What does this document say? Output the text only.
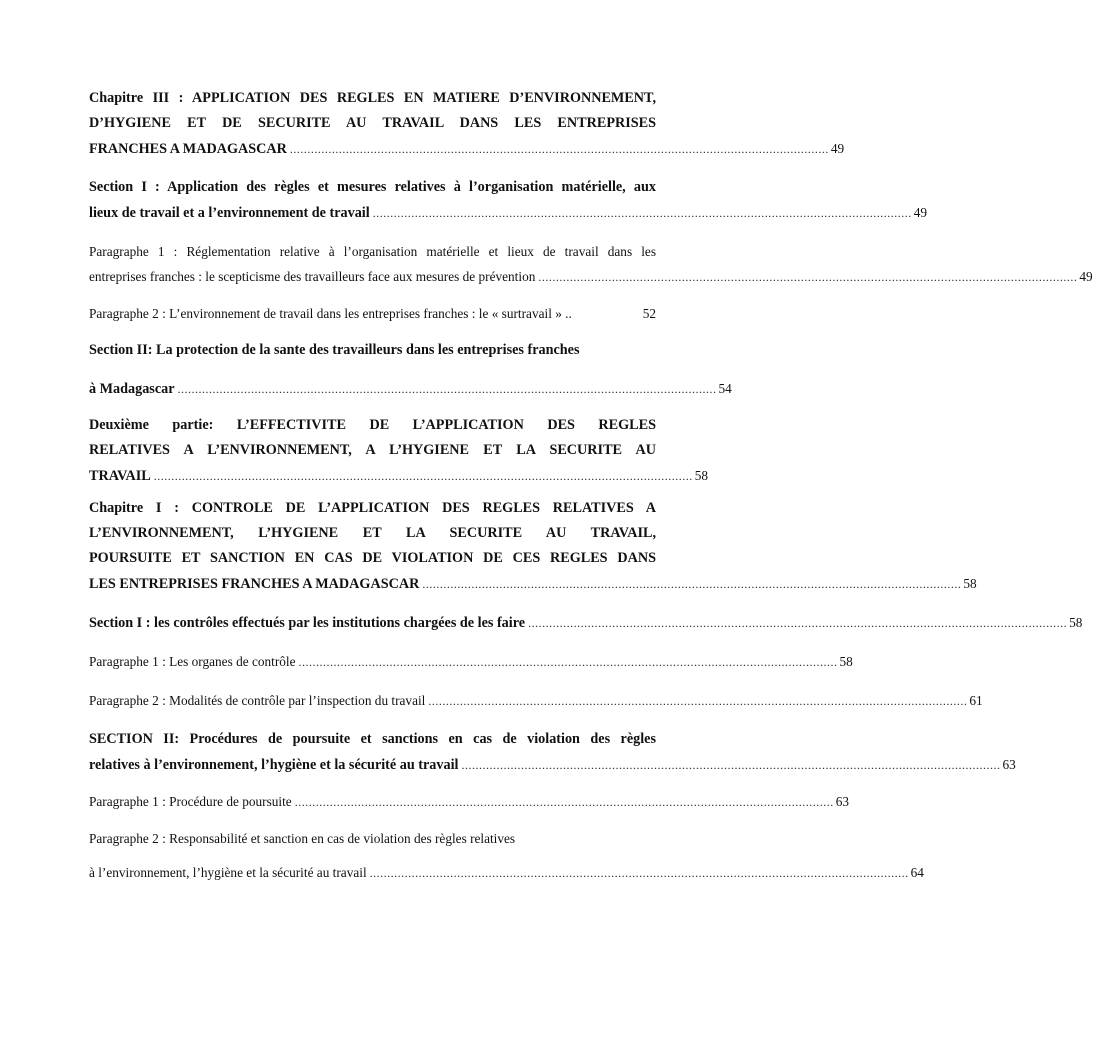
Chapitre III : APPLICATION DES REGLES EN MATIERE D’ENVIRONNEMENT,
D’HYGIENE ET DE SECURITE AU TRAVAIL DANS LES ENTREPRISES
FRANCHES A MADAGASCAR .......................................................................................................................................................... 49
Section I : Application des règles et mesures relatives à l’organisation matérielle, aux
lieux de travail et a l’environnement de travail .......................................................................................................................................................... 49
Paragraphe 1 : Réglementation relative à l’organisation matérielle et lieux de travail dans les
entreprises franches : le scepticisme des travailleurs face aux mesures de prévention .......................................................................................................................................................... 49
Paragraphe 2 : L’environnement de travail dans les entreprises franches : le « surtravail » ..	52
Section II: La protection de la sante des travailleurs dans les entreprises franches
à Madagascar .......................................................................................................................................................... 54
Deuxième partie: L’EFFECTIVITE DE L’APPLICATION DES REGLES
RELATIVES A L’ENVIRONNEMENT, A L’HYGIENE ET LA SECURITE AU
TRAVAIL .......................................................................................................................................................... 58
Chapitre I : CONTROLE DE L’APPLICATION DES REGLES RELATIVES A
L’ENVIRONNEMENT, L’HYGIENE ET LA SECURITE AU TRAVAIL,
POURSUITE ET SANCTION EN CAS DE VIOLATION DE CES REGLES DANS
LES ENTREPRISES FRANCHES A MADAGASCAR .......................................................................................................................................................... 58
Section I : les contrôles effectués par les institutions chargées de les faire .......................................................................................................................................................... 58
Paragraphe 1 : Les organes de contrôle .......................................................................................................................................................... 58
Paragraphe 2 : Modalités de contrôle par l’inspection du travail .......................................................................................................................................................... 61
SECTION II: Procédures de poursuite et sanctions en cas de violation des règles
relatives à l’environnement, l’hygiène et la sécurité au travail .......................................................................................................................................................... 63
Paragraphe 1 : Procédure de poursuite .......................................................................................................................................................... 63
Paragraphe 2 : Responsabilité et sanction en cas de violation des règles relatives
à l’environnement, l’hygiène et la sécurité au travail .......................................................................................................................................................... 64
